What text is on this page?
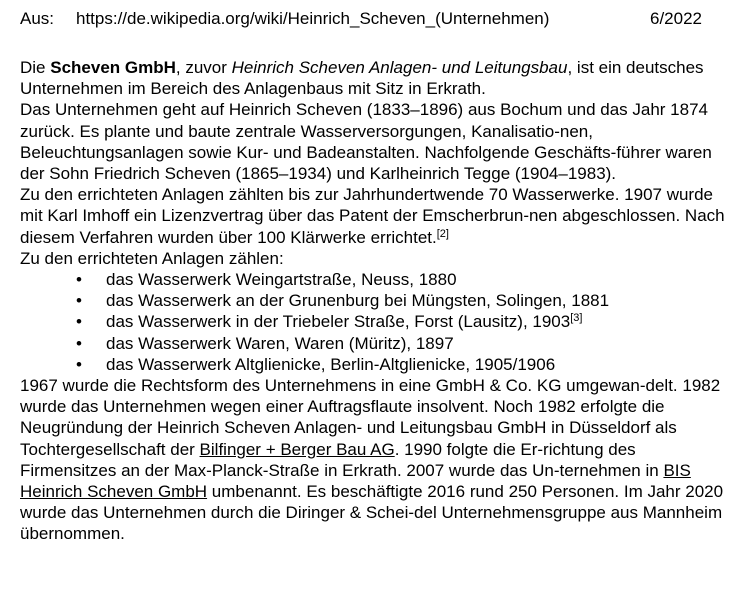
Aus: https://de.wikipedia.org/wiki/Heinrich_Scheven_(Unternehmen)	6/2022

Die Scheven GmbH, zuvor Heinrich Scheven Anlagen- und Leitungsbau, ist ein deutsches Unternehmen im Bereich des Anlagenbaus mit Sitz in Erkrath.

Das Unternehmen geht auf Heinrich Scheven (1833–1896) aus Bochum und das Jahr 1874 zurück. Es plante und baute zentrale Wasserversorgungen, Kanalisatio-nen, Beleuchtungsanlagen sowie Kur- und Badeanstalten. Nachfolgende Geschäfts-führer waren der Sohn Friedrich Scheven (1865–1934) und Karlheinrich Tegge (1904–1983).

Zu den errichteten Anlagen zählten bis zur Jahrhundertwende 70 Wasserwerke. 1907 wurde mit Karl Imhoff ein Lizenzvertrag über das Patent der Emscherbrun-nen abgeschlossen. Nach diesem Verfahren wurden über 100 Klärwerke errichtet.[2]

Zu den errichteten Anlagen zählen:

• das Wasserwerk Weingartstraße, Neuss, 1880
• das Wasserwerk an der Grunenburg bei Müngsten, Solingen, 1881
• das Wasserwerk in der Triebeler Straße, Forst (Lausitz), 1903[3]
• das Wasserwerk Waren, Waren (Müritz), 1897
• das Wasserwerk Altglienicke, Berlin-Altglienicke, 1905/1906

1967 wurde die Rechtsform des Unternehmens in eine GmbH & Co. KG umgewan-delt. 1982 wurde das Unternehmen wegen einer Auftragsflaute insolvent. Noch 1982 erfolgte die Neugründung der Heinrich Scheven Anlagen- und Leitungsbau GmbH in Düsseldorf als Tochtergesellschaft der Bilfinger + Berger Bau AG. 1990 folgte die Er-richtung des Firmensitzes an der Max-Planck-Straße in Erkrath. 2007 wurde das Un-ternehmen in BIS Heinrich Scheven GmbH umbenannt. Es beschäftigte 2016 rund 250 Personen. Im Jahr 2020 wurde das Unternehmen durch die Diringer & Schei-del Unternehmensgruppe aus Mannheim übernommen.
